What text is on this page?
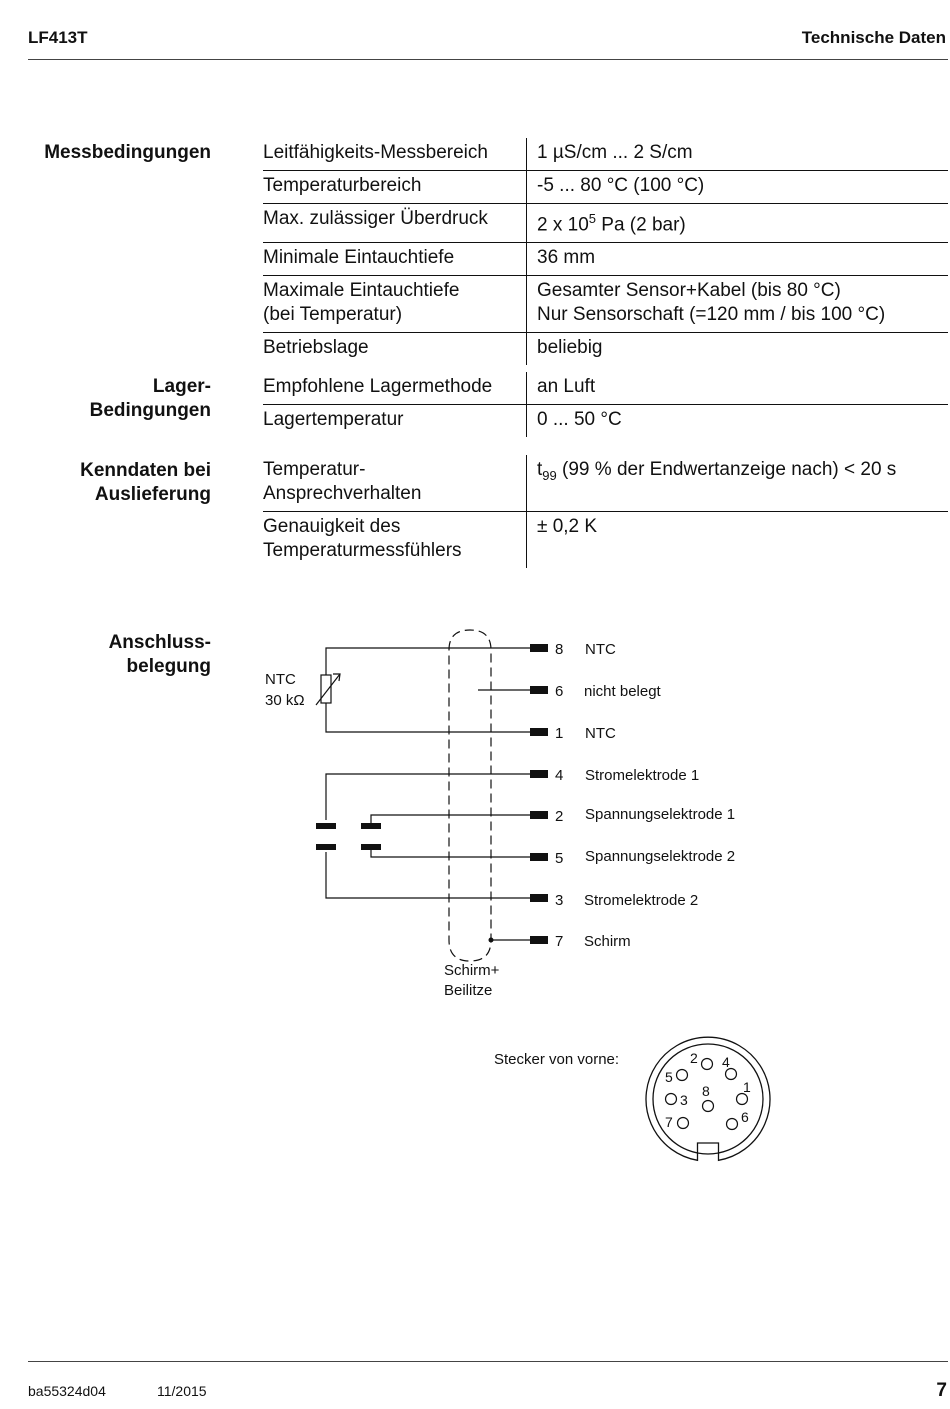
LF413T	Technische Daten
Messbedingungen	Leitfähigkeits-Messbereich	1 µS/cm ... 2 S/cm
Temperaturbereich	-5 ... 80 °C (100 °C)
Max. zulässiger Überdruck	2 x $10^5$ Pa (2 bar)
Minimale Eintauchtiefe	36 mm
Maximale Eintauchtiefe
(bei Temperatur)	Gesamter Sensor+Kabel (bis 80 °C)
Nur Sensorschaft (=120 mm / bis 100 °C)
Betriebslage	beliebig
Lager-
Bedingungen
Empfohlene Lagermethode	an Luft
Lagertemperatur	0 ... 50 °C
Kenndaten bei
Auslieferung
Temperatur-
Ansprechverhalten	$t_{99}$ (99 % der Endwertanzeige nach) < 20 s
Genauigkeit des
Temperaturmessfühlers	± 0,2 K
Anschluss-
belegung
NTC
30 kΩ
Schirm+
Beilitze
8 NTC
6 nicht belegt
1 NTC
4 Stromelektrode 1
2 Spannungselektrode 1
5 Spannungselektrode 2
3 Stromelektrode 2
7 Schirm
Stecker von vorne:	2 4
5
1
8
3
6
7
ba55324d04	11/2015	7
